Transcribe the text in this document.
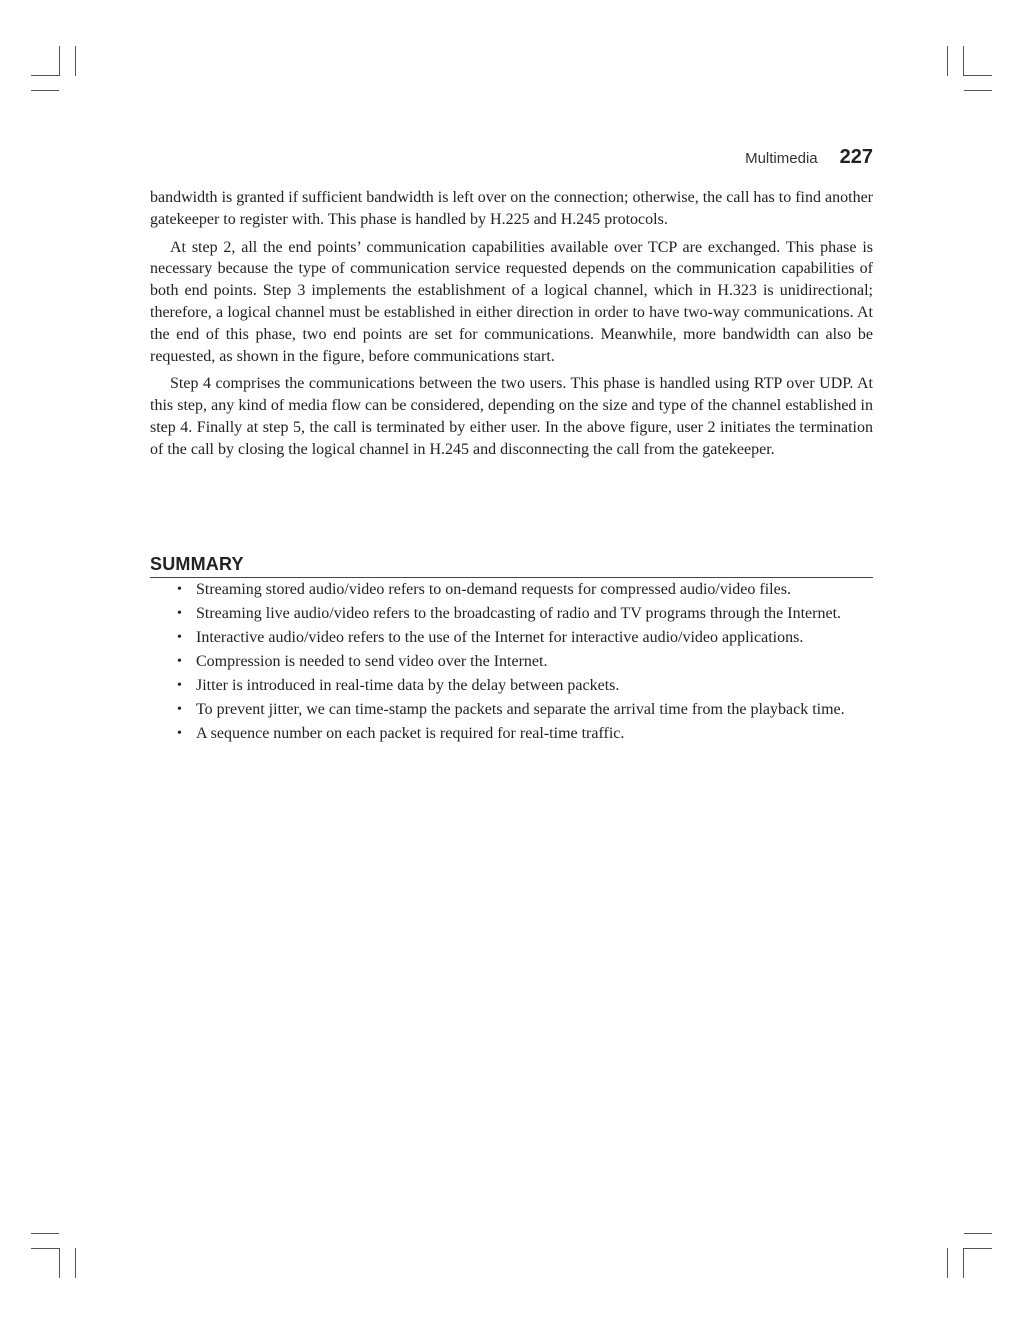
Multimedia 227

bandwidth is granted if sufficient bandwidth is left over on the connection; otherwise, the call has to find another gatekeeper to register with. This phase is handled by H.225 and H.245 protocols.

At step 2, all the end points’ communication capabilities available over TCP are exchanged. This phase is necessary because the type of communication service requested depends on the communication capabilities of both end points. Step 3 implements the establishment of a logical channel, which in H.323 is unidirectional; therefore, a logical channel must be established in either direction in order to have two-way communications. At the end of this phase, two end points are set for communications. Meanwhile, more bandwidth can also be requested, as shown in the figure, before communications start.

Step 4 comprises the communications between the two users. This phase is handled using RTP over UDP. At this step, any kind of media flow can be considered, depending on the size and type of the channel established in step 4. Finally at step 5, the call is terminated by either user. In the above figure, user 2 initiates the termination of the call by closing the logical channel in H.245 and disconnecting the call from the gatekeeper.

SUMMARY
• Streaming stored audio/video refers to on-demand requests for compressed audio/video files.
• Streaming live audio/video refers to the broadcasting of radio and TV programs through the Internet.
• Interactive audio/video refers to the use of the Internet for interactive audio/video applications.
• Compression is needed to send video over the Internet.
• Jitter is introduced in real-time data by the delay between packets.
• To prevent jitter, we can time-stamp the packets and separate the arrival time from the playback time.
• A sequence number on each packet is required for real-time traffic.
